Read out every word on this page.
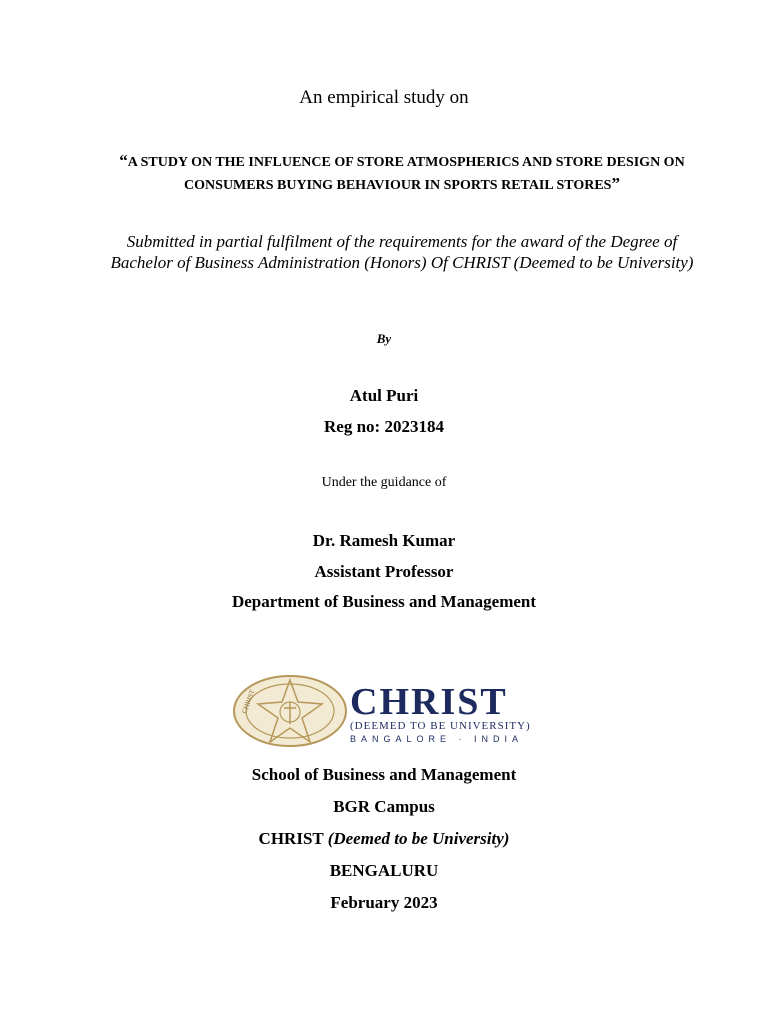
An empirical study on
“A STUDY ON THE INFLUENCE OF STORE ATMOSPHERICS AND STORE DESIGN ON CONSUMERS BUYING BEHAVIOUR IN SPORTS RETAIL STORES”
Submitted in partial fulfilment of the requirements for the award of the Degree of Bachelor of Business Administration (Honors) Of CHRIST (Deemed to be University)
By
Atul Puri
Reg no: 2023184
Under the guidance of
Dr. Ramesh Kumar
Assistant Professor
Department of Business and Management
CHRIST CHRIST
(DEEMED TO BE UNIVERSITY)
BANGALORE · INDIA
School of Business and Management
BGR Campus
CHRIST (Deemed to be University)
BENGALURU
February 2023
